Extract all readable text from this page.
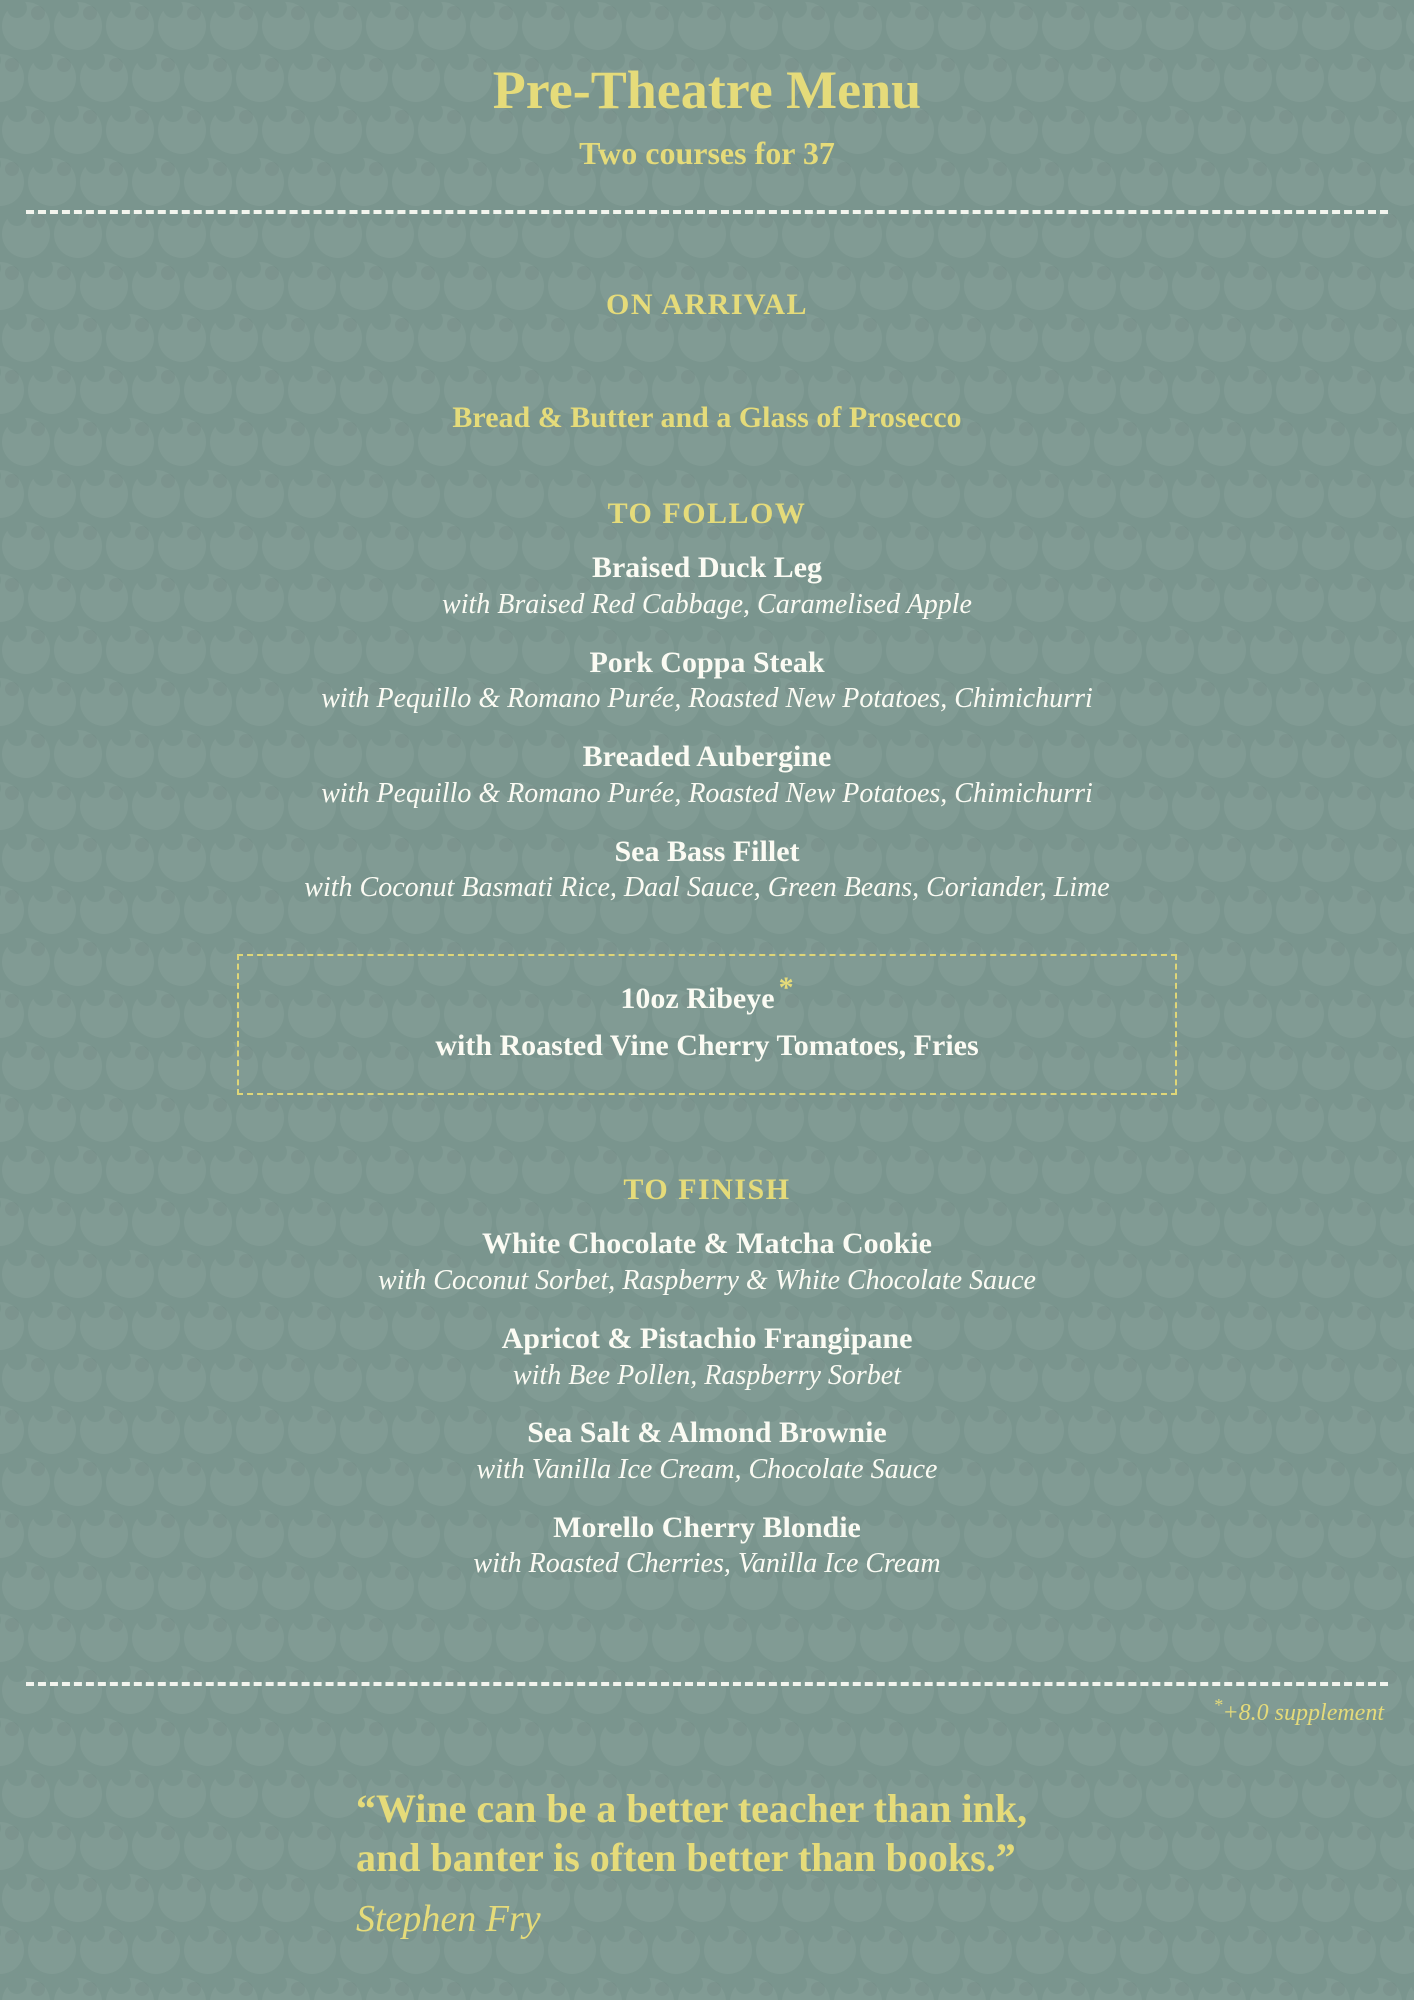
Pre-Theatre Menu
Two courses for 37
ON ARRIVAL
Bread & Butter and a Glass of Prosecco
TO FOLLOW
Braised Duck Leg
with Braised Red Cabbage, Caramelised Apple
Pork Coppa Steak
with Pequillo & Romano Purée, Roasted New Potatoes, Chimichurri
Breaded Aubergine
with Pequillo & Romano Purée, Roasted New Potatoes, Chimichurri
Sea Bass Fillet
with Coconut Basmati Rice, Daal Sauce, Green Beans, Coriander, Lime
10oz Ribeye *
with Roasted Vine Cherry Tomatoes, Fries
TO FINISH
White Chocolate & Matcha Cookie
with Coconut Sorbet, Raspberry & White Chocolate Sauce
Apricot & Pistachio Frangipane
with Bee Pollen, Raspberry Sorbet
Sea Salt & Almond Brownie
with Vanilla Ice Cream, Chocolate Sauce
Morello Cherry Blondie
with Roasted Cherries, Vanilla Ice Cream
*+8.0 supplement
“Wine can be a better teacher than ink,
and banter is often better than books.”
Stephen Fry
